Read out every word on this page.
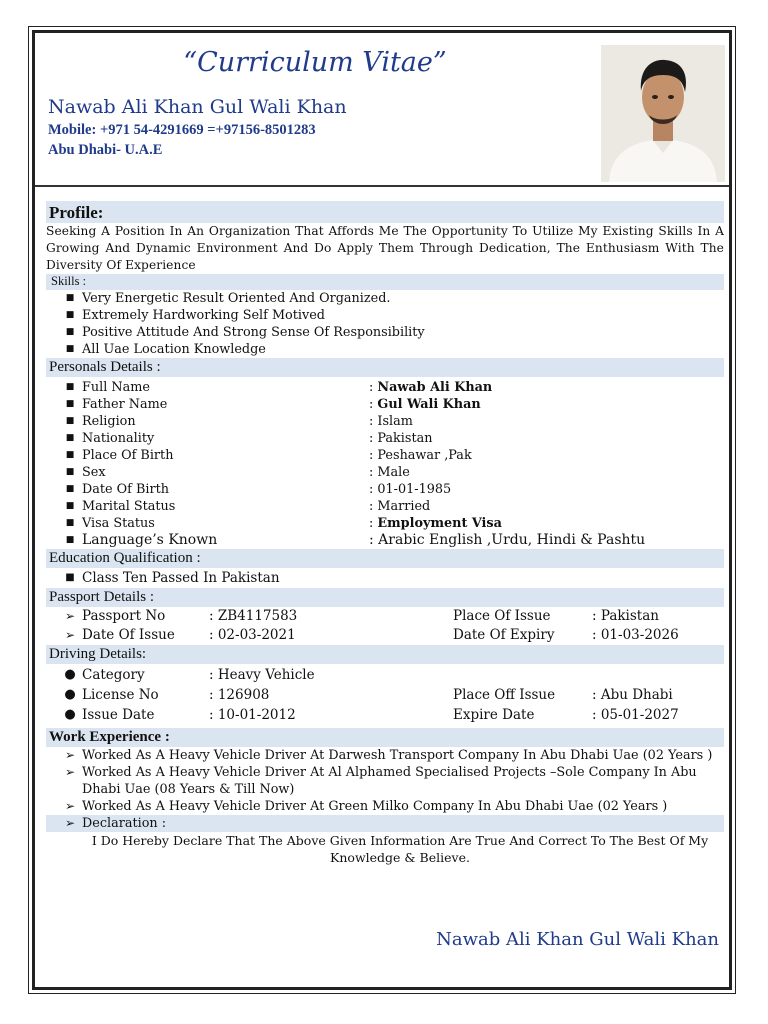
“Curriculum Vitae”
Nawab Ali Khan Gul Wali Khan
Mobile: +971 54-4291669 =+97156-8501283
Abu Dhabi- U.A.E
Profile:

Seeking A Position In An Organization That Affords Me The Opportunity To Utilize My Existing Skills In A Growing And Dynamic Environment And Do Apply Them Through Dedication, The Enthusiasm With The Diversity Of Experience

Skills :
■ Very Energetic Result Oriented And Organized.
■ Extremely Hardworking Self Motived
■ Positive Attitude And Strong Sense Of Responsibility
■ All Uae Location Knowledge
Personals Details :
■ Full Name	: Nawab Ali Khan
■ Father Name	: Gul Wali Khan
■ Religion	: Islam
■ Nationality	: Pakistan
■ Place Of Birth	: Peshawar ,Pak
■ Sex	: Male
■ Date Of Birth	: 01-01-1985
■ Marital Status	: Married
■ Visa Status	: Employment Visa
■ Language’s Known	: Arabic English ,Urdu, Hindi & Pashtu
Education Qualification :
■ Class Ten Passed In Pakistan
Passport Details :
➢ Passport No	: ZB4117583	Place Of Issue	: Pakistan
➢ Date Of Issue	: 02-03-2021	Date Of Expiry	: 01-03-2026
Driving Details:
● Category	: Heavy Vehicle
● License No	: 126908	Place Off Issue	: Abu Dhabi
● Issue Date	: 10-01-2012	Expire Date	: 05-01-2027
Work Experience :
➢ Worked As A Heavy Vehicle Driver At Darwesh Transport Company In Abu Dhabi Uae (02 Years )
➢ Worked As A Heavy Vehicle Driver At Al Alphamed Specialised Projects –Sole Company In Abu Dhabi Uae (08 Years & Till Now)
➢ Worked As A Heavy Vehicle Driver At Green Milko Company In Abu Dhabi Uae (02 Years )
➢ Declaration :
I Do Hereby Declare That The Above Given Information Are True And Correct To The Best Of My Knowledge & Believe.
Nawab Ali Khan Gul Wali Khan
